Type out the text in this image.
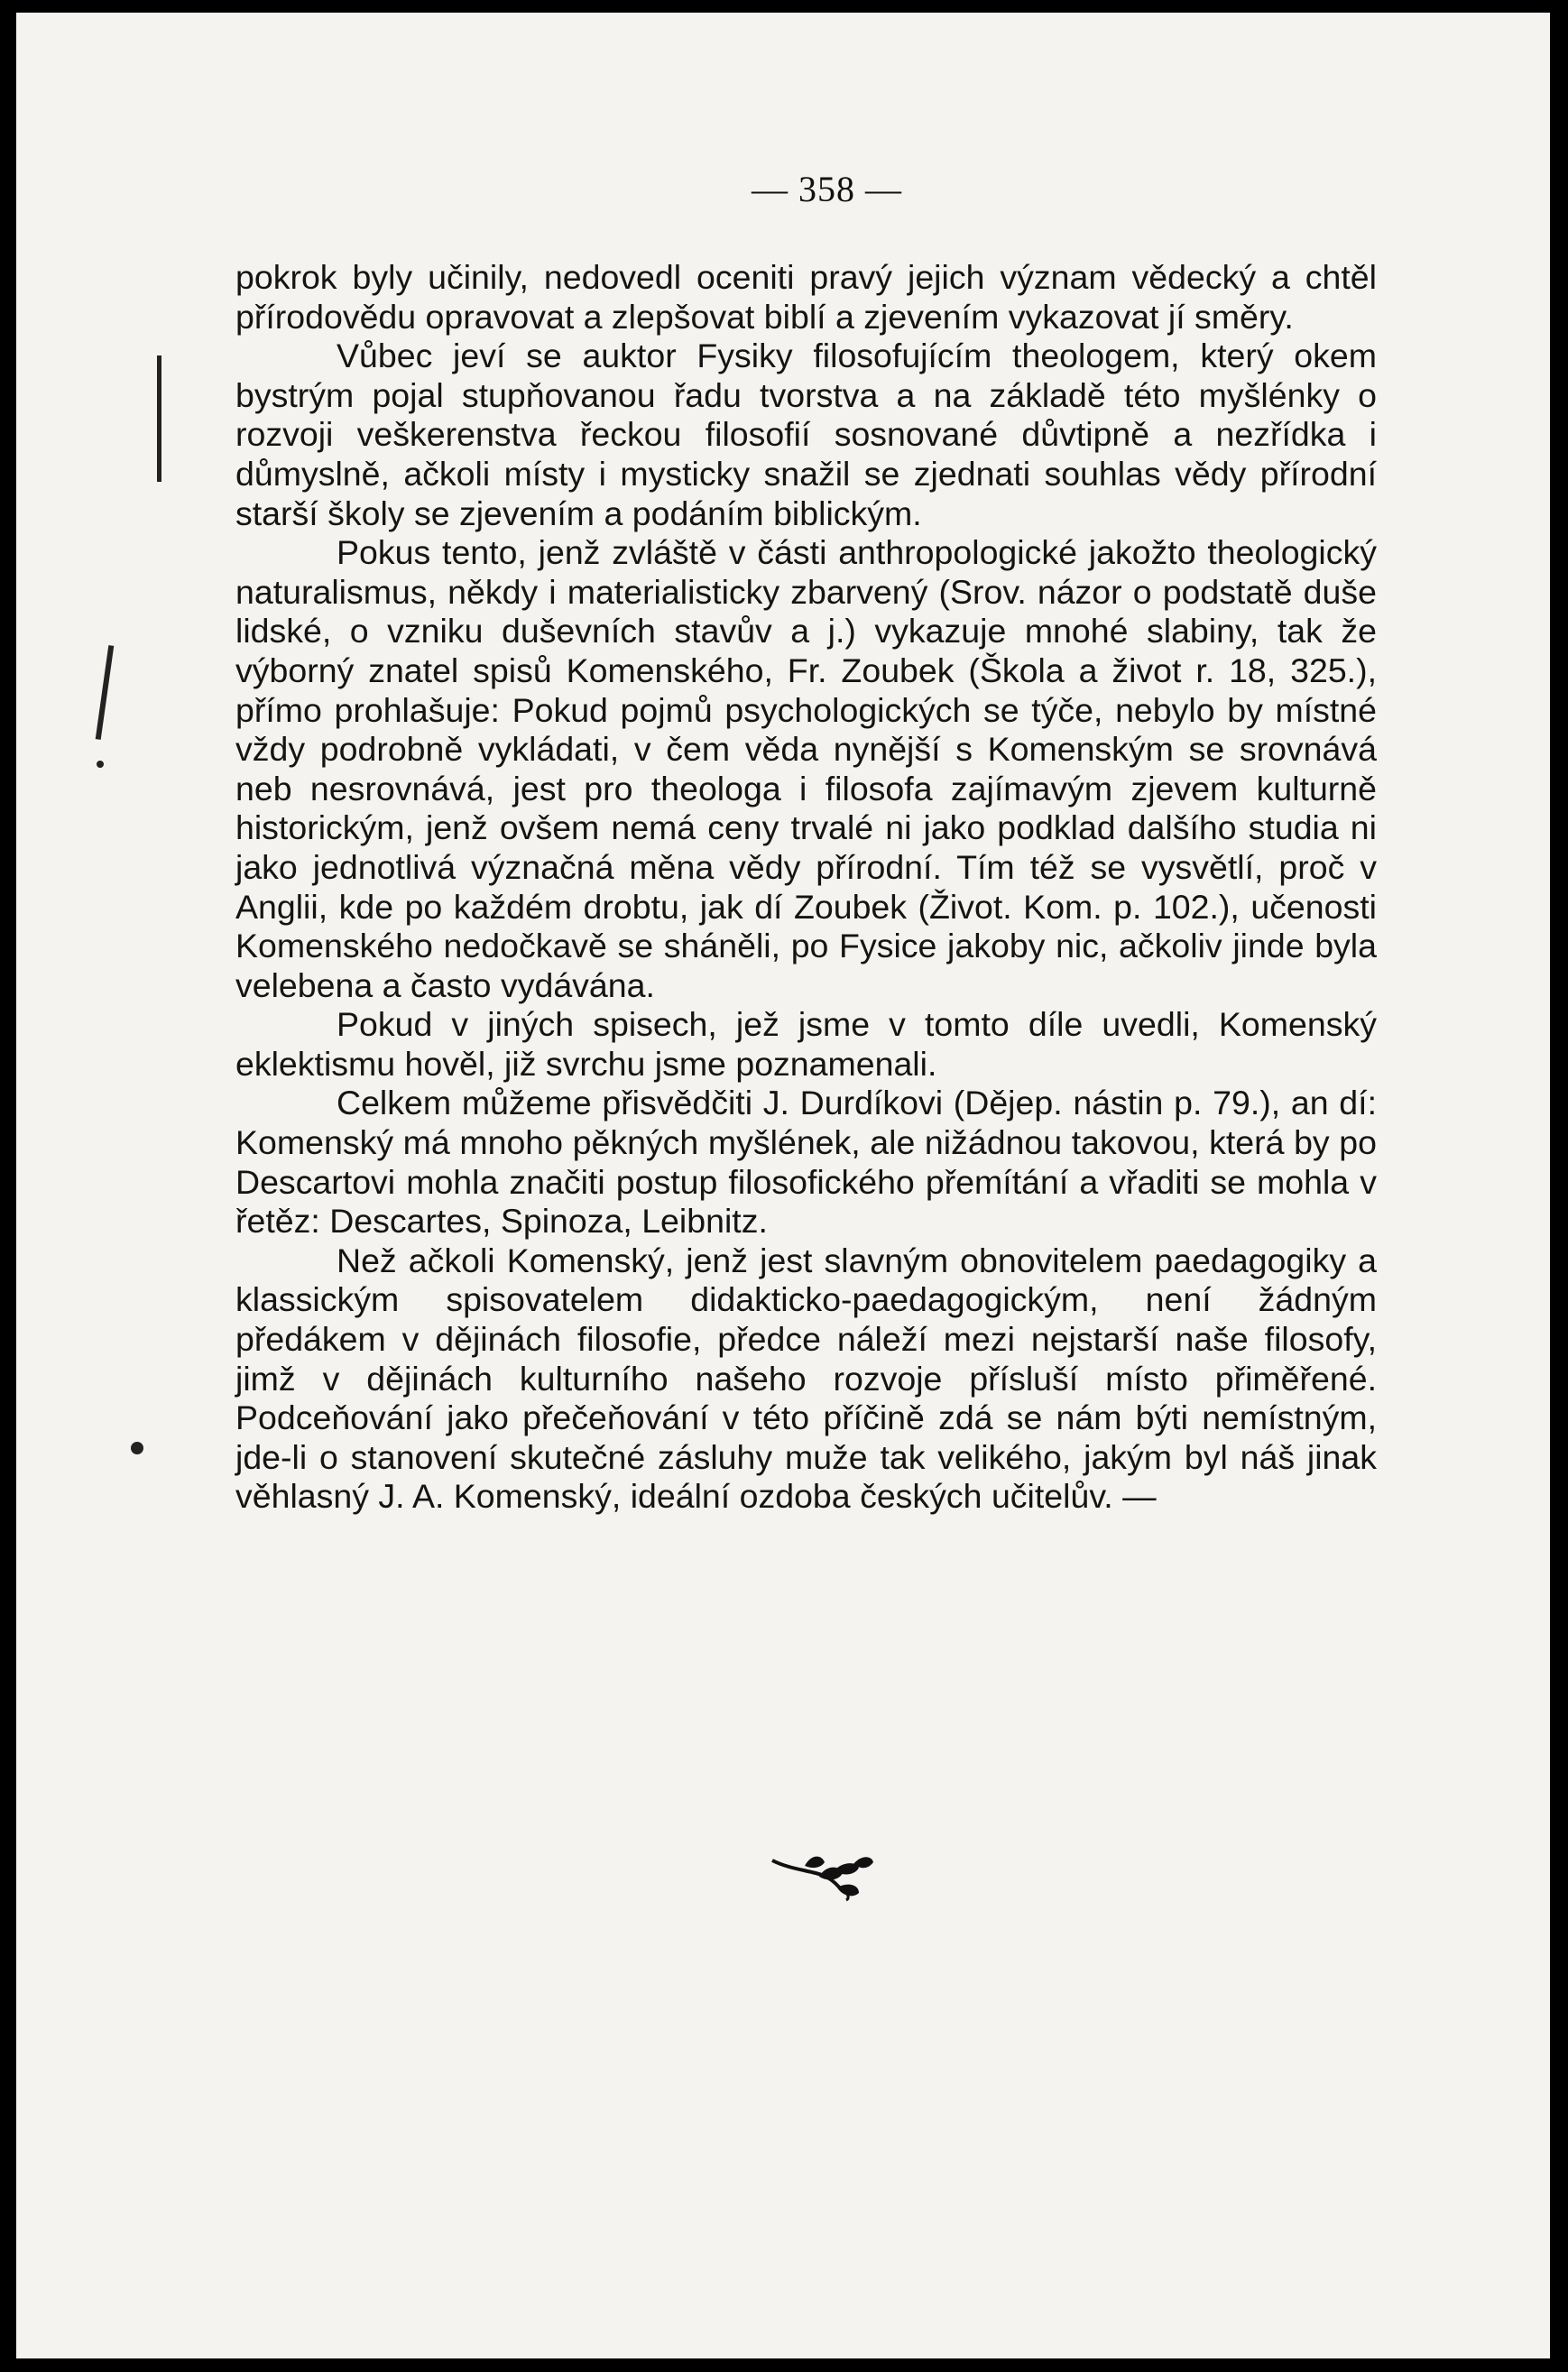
— 358 —

pokrok byly učinily, nedovedl oceniti pravý jejich význam vědecký a chtěl přírodovědu opravovat a zlepšovat biblí a zjevením vykazovat jí směry.

Vůbec jeví se auktor Fysiky filosofujícím theologem, který okem bystrým pojal stupňovanou řadu tvorstva a na základě této myšlénky o rozvoji veškerenstva řeckou filosofií sosnované důvtipně a nezřídka i důmyslně, ačkoli místy i mysticky snažil se zjednati souhlas vědy přírodní starší školy se zjevením a podáním biblickým.

Pokus tento, jenž zvláště v části anthropologické jakožto theologický naturalismus, někdy i materialisticky zbarvený (Srov. názor o podstatě duše lidské, o vzniku duševních stavův a j.) vykazuje mnohé slabiny, tak že výborný znatel spisů Komenského, Fr. Zoubek (Škola a život r. 18, 325.), přímo prohlašuje: Pokud pojmů psychologických se týče, nebylo by místné vždy podrobně vykládati, v čem věda nynější s Komenským se srovnává neb nesrovnává, jest pro theologa i filosofa zajímavým zjevem kulturně historickým, jenž ovšem nemá ceny trvalé ni jako podklad dalšího studia ni jako jednotlivá význačná měna vědy přírodní. Tím též se vysvětlí, proč v Anglii, kde po každém drobtu, jak dí Zoubek (Život. Kom. p. 102.), učenosti Komenského nedočkavě se sháněli, po Fysice jakoby nic, ačkoliv jinde byla velebena a často vydávána.

Pokud v jiných spisech, jež jsme v tomto díle uvedli, Komenský eklektismu hověl, již svrchu jsme poznamenali.

Celkem můžeme přisvědčiti J. Durdíkovi (Dějep. nástin p. 79.), an dí: Komenský má mnoho pěkných myšlének, ale nižádnou takovou, která by po Descartovi mohla značiti postup filosofického přemítání a vřaditi se mohla v řetěz: Descartes, Spinoza, Leibnitz.

Než ačkoli Komenský, jenž jest slavným obnovitelem paedagogiky a klassickým spisovatelem didakticko-paedagogickým, není žádným předákem v dějinách filosofie, předce náleží mezi nejstarší naše filosofy, jimž v dějinách kulturního našeho rozvoje přísluší místo přiměřené. Podceňování jako přečeňování v této příčině zdá se nám býti nemístným, jde-li o stanovení skutečné zásluhy muže tak velikého, jakým byl náš jinak věhlasný J. A. Komenský, ideální ozdoba českých učitelův. —
